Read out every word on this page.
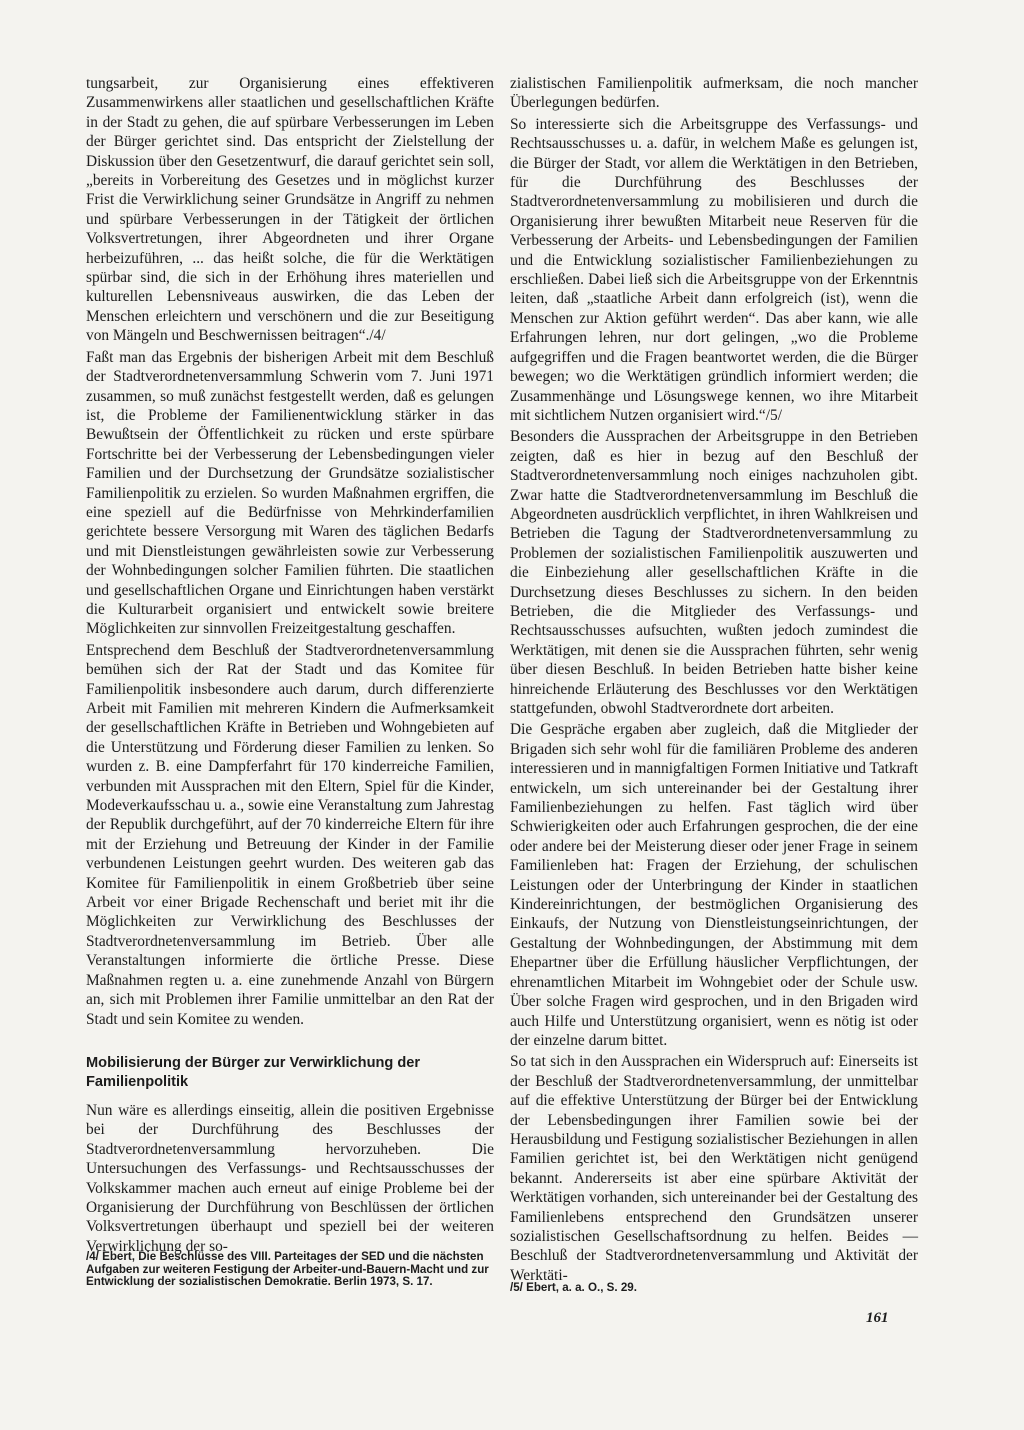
tungsarbeit, zur Organisierung eines effektiveren Zusammenwirkens aller staatlichen und gesellschaftlichen Kräfte in der Stadt zu gehen, die auf spürbare Verbesserungen im Leben der Bürger gerichtet sind. Das entspricht der Zielstellung der Diskussion über den Gesetzentwurf, die darauf gerichtet sein soll, „bereits in Vorbereitung des Gesetzes und in möglichst kurzer Frist die Verwirklichung seiner Grundsätze in Angriff zu nehmen und spürbare Verbesserungen in der Tätigkeit der örtlichen Volksvertretungen, ihrer Abgeordneten und ihrer Organe herbeizuführen, ... das heißt solche, die für die Werktätigen spürbar sind, die sich in der Erhöhung ihres materiellen und kulturellen Lebensniveaus auswirken, die das Leben der Menschen erleichtern und verschönern und die zur Beseitigung von Mängeln und Beschwernissen beitragen“./4/

Faßt man das Ergebnis der bisherigen Arbeit mit dem Beschluß der Stadtverordnetenversammlung Schwerin vom 7. Juni 1971 zusammen, so muß zunächst festgestellt werden, daß es gelungen ist, die Probleme der Familienentwicklung stärker in das Bewußtsein der Öffentlichkeit zu rücken und erste spürbare Fortschritte bei der Verbesserung der Lebensbedingungen vieler Familien und der Durchsetzung der Grundsätze sozialistischer Familienpolitik zu erzielen. So wurden Maßnahmen ergriffen, die eine speziell auf die Bedürfnisse von Mehrkinderfamilien gerichtete bessere Versorgung mit Waren des täglichen Bedarfs und mit Dienstleistungen gewährleisten sowie zur Verbesserung der Wohnbedingungen solcher Familien führten. Die staatlichen und gesellschaftlichen Organe und Einrichtungen haben verstärkt die Kulturarbeit organisiert und entwickelt sowie breitere Möglichkeiten zur sinnvollen Freizeitgestaltung geschaffen.

Entsprechend dem Beschluß der Stadtverordnetenversammlung bemühen sich der Rat der Stadt und das Komitee für Familienpolitik insbesondere auch darum, durch differenzierte Arbeit mit Familien mit mehreren Kindern die Aufmerksamkeit der gesellschaftlichen Kräfte in Betrieben und Wohngebieten auf die Unterstützung und Förderung dieser Familien zu lenken. So wurden z. B. eine Dampferfahrt für 170 kinderreiche Familien, verbunden mit Aussprachen mit den Eltern, Spiel für die Kinder, Modeverkaufsschau u. a., sowie eine Veranstaltung zum Jahrestag der Republik durchgeführt, auf der 70 kinderreiche Eltern für ihre mit der Erziehung und Betreuung der Kinder in der Familie verbundenen Leistungen geehrt wurden. Des weiteren gab das Komitee für Familienpolitik in einem Großbetrieb über seine Arbeit vor einer Brigade Rechenschaft und beriet mit ihr die Möglichkeiten zur Verwirklichung des Beschlusses der Stadtverordnetenversammlung im Betrieb. Über alle Veranstaltungen informierte die örtliche Presse. Diese Maßnahmen regten u. a. eine zunehmende Anzahl von Bürgern an, sich mit Problemen ihrer Familie unmittelbar an den Rat der Stadt und sein Komitee zu wenden.

Mobilisierung der Bürger zur Verwirklichung der Familienpolitik

Nun wäre es allerdings einseitig, allein die positiven Ergebnisse bei der Durchführung des Beschlusses der Stadtverordnetenversammlung hervorzuheben. Die Untersuchungen des Verfassungs- und Rechtsausschusses der Volkskammer machen auch erneut auf einige Probleme bei der Organisierung der Durchführung von Beschlüssen der örtlichen Volksvertretungen überhaupt und speziell bei der weiteren Verwirklichung der so-

/4/ Ebert, Die Beschlüsse des VIII. Parteitages der SED und die nächsten Aufgaben zur weiteren Festigung der Arbeiter-und-Bauern-Macht und zur Entwicklung der sozialistischen Demokratie. Berlin 1973, S. 17.

zialistischen Familienpolitik aufmerksam, die noch mancher Überlegungen bedürfen.

So interessierte sich die Arbeitsgruppe des Verfassungs- und Rechtsausschusses u. a. dafür, in welchem Maße es gelungen ist, die Bürger der Stadt, vor allem die Werktätigen in den Betrieben, für die Durchführung des Beschlusses der Stadtverordnetenversammlung zu mobilisieren und durch die Organisierung ihrer bewußten Mitarbeit neue Reserven für die Verbesserung der Arbeits- und Lebensbedingungen der Familien und die Entwicklung sozialistischer Familienbeziehungen zu erschließen. Dabei ließ sich die Arbeitsgruppe von der Erkenntnis leiten, daß „staatliche Arbeit dann erfolgreich (ist), wenn die Menschen zur Aktion geführt werden“. Das aber kann, wie alle Erfahrungen lehren, nur dort gelingen, „wo die Probleme aufgegriffen und die Fragen beantwortet werden, die die Bürger bewegen; wo die Werktätigen gründlich informiert werden; die Zusammenhänge und Lösungswege kennen, wo ihre Mitarbeit mit sichtlichem Nutzen organisiert wird.“/5/

Besonders die Aussprachen der Arbeitsgruppe in den Betrieben zeigten, daß es hier in bezug auf den Beschluß der Stadtverordnetenversammlung noch einiges nachzuholen gibt. Zwar hatte die Stadtverordnetenversammlung im Beschluß die Abgeordneten ausdrücklich verpflichtet, in ihren Wahlkreisen und Betrieben die Tagung der Stadtverordnetenversammlung zu Problemen der sozialistischen Familienpolitik auszuwerten und die Einbeziehung aller gesellschaftlichen Kräfte in die Durchsetzung dieses Beschlusses zu sichern. In den beiden Betrieben, die die Mitglieder des Verfassungs- und Rechtsausschusses aufsuchten, wußten jedoch zumindest die Werktätigen, mit denen sie die Aussprachen führten, sehr wenig über diesen Beschluß. In beiden Betrieben hatte bisher keine hinreichende Erläuterung des Beschlusses vor den Werktätigen stattgefunden, obwohl Stadtverordnete dort arbeiten.

Die Gespräche ergaben aber zugleich, daß die Mitglieder der Brigaden sich sehr wohl für die familiären Probleme des anderen interessieren und in mannigfaltigen Formen Initiative und Tatkraft entwickeln, um sich untereinander bei der Gestaltung ihrer Familienbeziehungen zu helfen. Fast täglich wird über Schwierigkeiten oder auch Erfahrungen gesprochen, die der eine oder andere bei der Meisterung dieser oder jener Frage in seinem Familienleben hat: Fragen der Erziehung, der schulischen Leistungen oder der Unterbringung der Kinder in staatlichen Kindereinrichtungen, der bestmöglichen Organisierung des Einkaufs, der Nutzung von Dienstleistungseinrichtungen, der Gestaltung der Wohnbedingungen, der Abstimmung mit dem Ehepartner über die Erfüllung häuslicher Verpflichtungen, der ehrenamtlichen Mitarbeit im Wohngebiet oder der Schule usw. Über solche Fragen wird gesprochen, und in den Brigaden wird auch Hilfe und Unterstützung organisiert, wenn es nötig ist oder der einzelne darum bittet.

So tat sich in den Aussprachen ein Widerspruch auf: Einerseits ist der Beschluß der Stadtverordnetenversammlung, der unmittelbar auf die effektive Unterstützung der Bürger bei der Entwicklung der Lebensbedingungen ihrer Familien sowie bei der Herausbildung und Festigung sozialistischer Beziehungen in allen Familien gerichtet ist, bei den Werktätigen nicht genügend bekannt. Andererseits ist aber eine spürbare Aktivität der Werktätigen vorhanden, sich untereinander bei der Gestaltung des Familienlebens entsprechend den Grundsätzen unserer sozialistischen Gesellschaftsordnung zu helfen. Beides — Beschluß der Stadtverordnetenversammlung und Aktivität der Werktäti-

/5/ Ebert, a. a. O., S. 29.
161
